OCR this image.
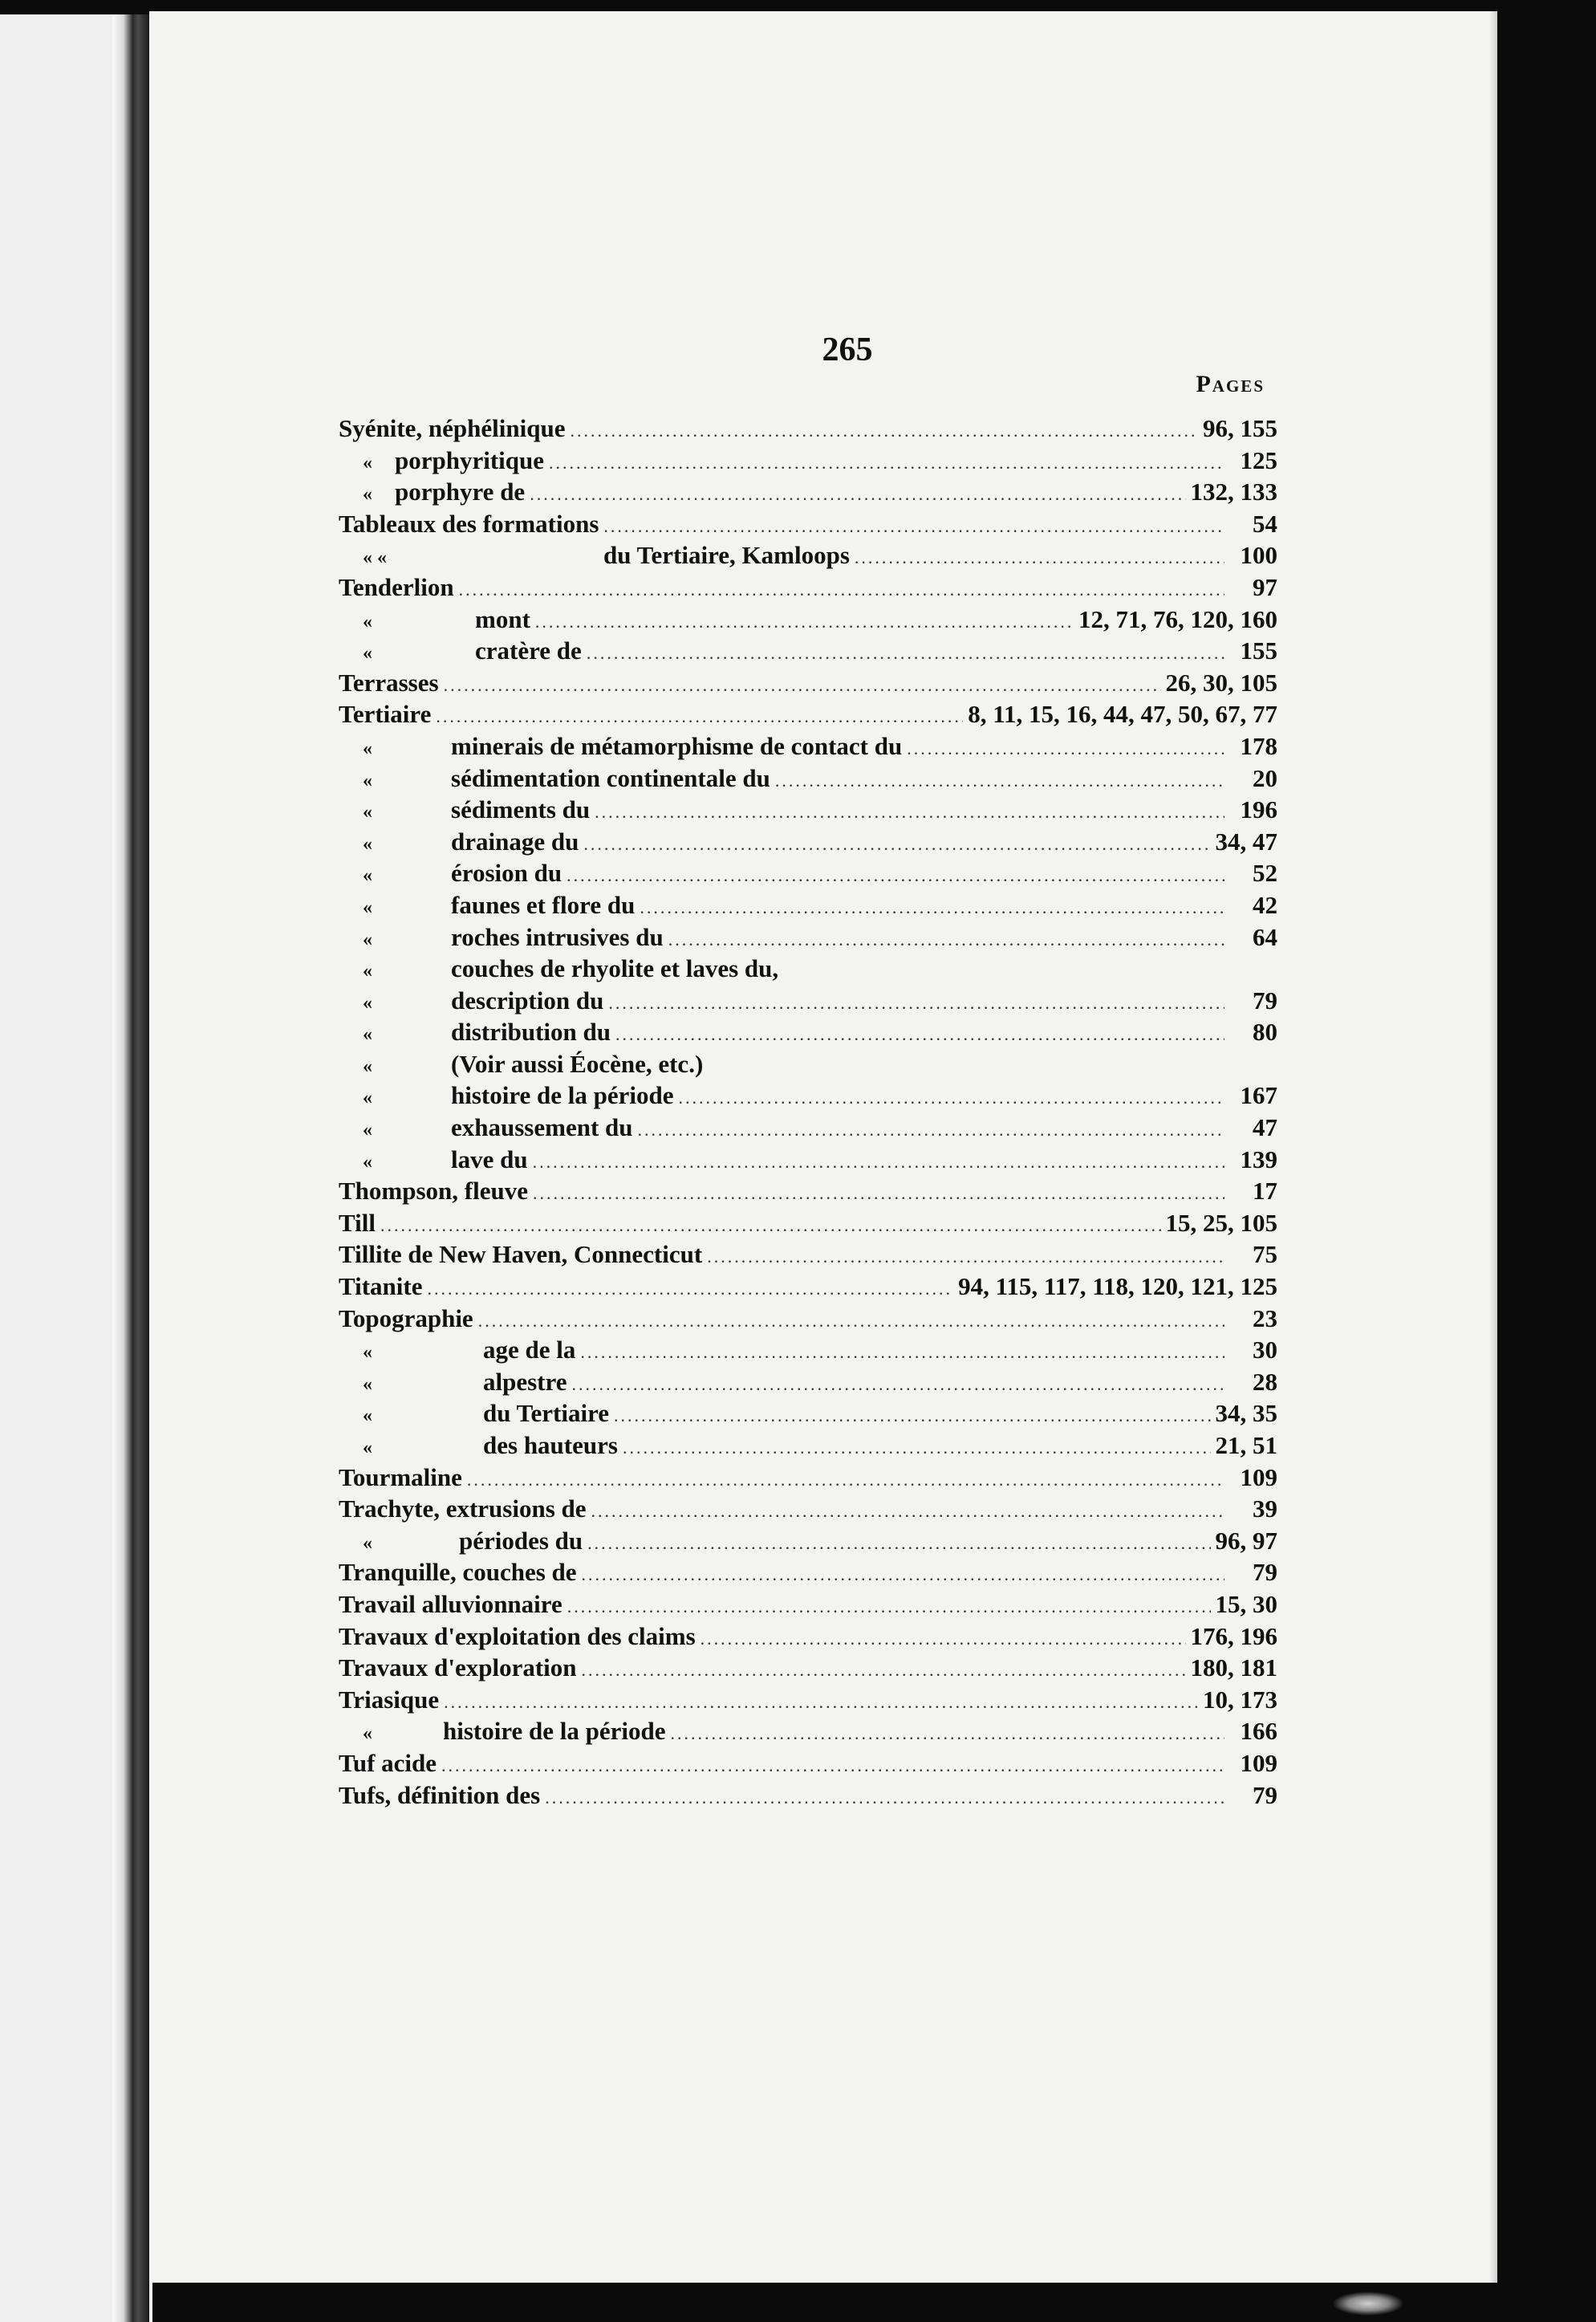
265
Pages
Syénite, néphélinique .....	96, 155
« porphyritique .....	125
« porphyre de .....	132, 133
Tableaux des formations .....	54
« «	du Tertiaire, Kamloops .....	100
Tenderlion .....	97
«	mont .....	12, 71, 76, 120, 160
«	cratère de .....	155
Terrasses .....	26, 30, 105
Tertiaire .....	8, 11, 15, 16, 44, 47, 50, 67, 77
«	minerais de métamorphisme de contact du .....	178
«	sédimentation continentale du .....	20
«	sédiments du .....	196
«	drainage du .....	34, 47
«	érosion du .....	52
«	faunes et flore du .....	42
«	roches intrusives du .....	64
«	couches de rhyolite et laves du,
«	description du .....	79
«	distribution du .....	80
«	(Voir aussi Éocène, etc.)
«	histoire de la période .....	167
«	exhaussement du .....	47
«	lave du .....	139
Thompson, fleuve .....	17
Till .....	15, 25, 105
Tillite de New Haven, Connecticut .....	75
Titanite .....	94, 115, 117, 118, 120, 121, 125
Topographie .....	23
«	age de la .....	30
«	alpestre .....	28
«	du Tertiaire .....	34, 35
«	des hauteurs .....	21, 51
Tourmaline .....	109
Trachyte, extrusions de .....	39
«	périodes du .....	96, 97
Tranquille, couches de .....	79
Travail alluvionnaire .....	15, 30
Travaux d'exploitation des claims .....	176, 196
Travaux d'exploration .....	180, 181
Triasique .....	10, 173
«	histoire de la période .....	166
Tuf acide .....	109
Tufs, définition des .....	79
